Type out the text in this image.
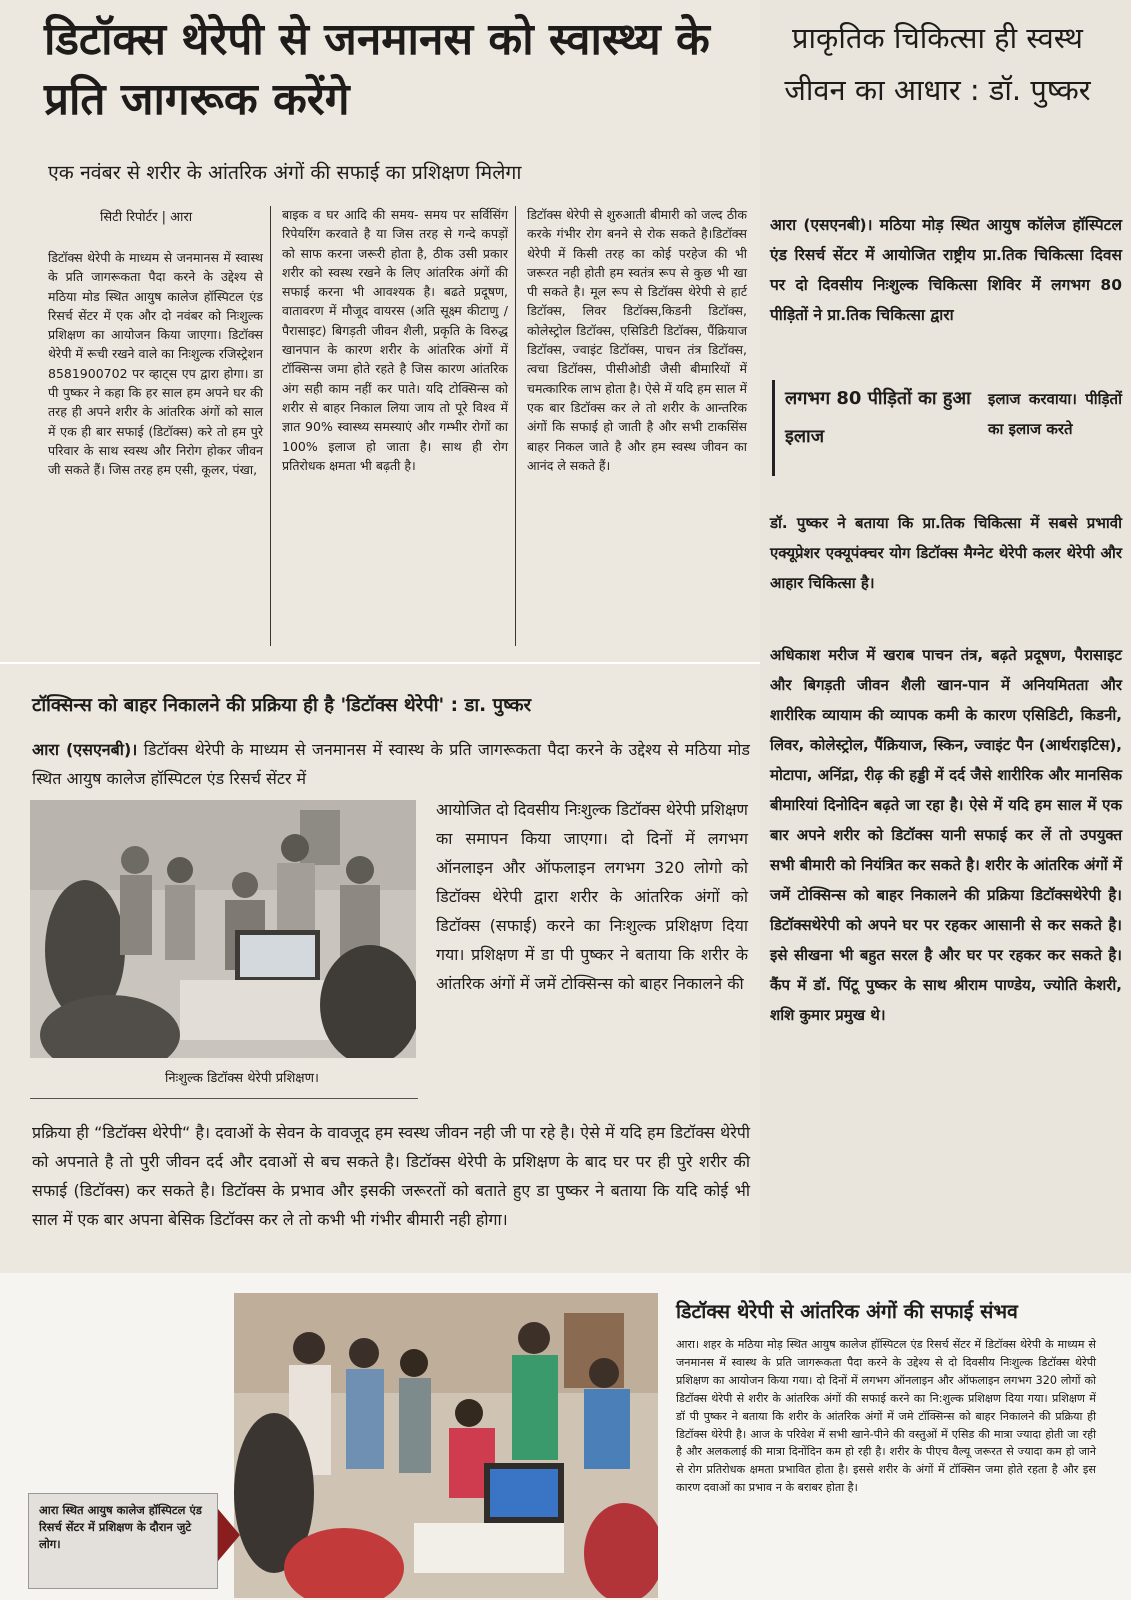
डिटॉक्स थेरेपी से जनमानस को स्वास्थ्य के प्रति जागरूक करेंगे
एक नवंबर से शरीर के आंतरिक अंगों की सफाई का प्रशिक्षण मिलेगा
सिटी रिपोर्टर | आरा
डिटॉक्स थेरेपी के माध्यम से जनमानस में स्वास्थ के प्रति जागरूकता पैदा करने के उद्देश्य से मठिया मोड स्थित आयुष कालेज हॉस्पिटल एंड रिसर्च सेंटर में एक और दो नवंबर को निःशुल्क प्रशिक्षण का आयोजन किया जाएगा। डिटॉक्स थेरेपी में रूची रखने वाले का निःशुल्क रजिस्ट्रेशन 8581900702 पर व्हाट्स एप द्वारा होगा। डा पी पुष्कर ने कहा कि हर साल हम अपने घर की तरह ही अपने शरीर के आंतरिक अंगों को साल में एक ही बार सफाई (डिटॉक्स) करे तो हम पुरे परिवार के साथ स्वस्थ और निरोग होकर जीवन जी सकते हैं। जिस तरह हम एसी, कूलर, पंखा,
बाइक व घर आदि की समय- समय पर सर्विसिंग रिपेयरिंग करवाते है या जिस तरह से गन्दे कपड़ों को साफ करना जरूरी होता है, ठीक उसी प्रकार शरीर को स्वस्थ रखने के लिए आंतरिक अंगों की सफाई करना भी आवश्यक है। बढते प्रदूषण, वातावरण में मौजूद वायरस (अति सूक्ष्म कीटाणु / पैरासाइट) बिगड़ती जीवन शैली, प्रकृति के विरुद्ध खानपान के कारण शरीर के आंतरिक अंगों में टॉक्सिन्स जमा होते रहते है जिस कारण आंतरिक अंग सही काम नहीं कर पाते। यदि टोक्सिन्स को शरीर से बाहर निकाल लिया जाय तो पूरे विश्व में ज्ञात 90% स्वास्थ्य समस्याएं और गम्भीर रोगों का 100% इलाज हो जाता है। साथ ही रोग प्रतिरोधक क्षमता भी बढ़ती है।
डिटॉक्स थेरेपी से शुरुआती बीमारी को जल्द ठीक करके गंभीर रोग बनने से रोक सकते है।डिटॉक्स थेरेपी में किसी तरह का कोई परहेज की भी जरूरत नही होती हम स्वतंत्र रूप से कुछ भी खा पी सकते है। मूल रूप से डिटॉक्स थेरेपी से हार्ट डिटॉक्स, लिवर डिटॉक्स,किडनी डिटॉक्स, कोलेस्ट्रोल डिटॉक्स, एसिडिटी डिटॉक्स, पैंक्रियाज डिटॉक्स, ज्वाइंट डिटॉक्स, पाचन तंत्र डिटॉक्स, त्वचा डिटॉक्स, पीसीओडी जैसी बीमारियों में चमत्कारिक लाभ होता है। ऐसे में यदि हम साल में एक बार डिटॉक्स कर ले तो शरीर के आन्तरिक अंगों कि सफाई हो जाती है और सभी टाकसिंस बाहर निकल जाते है और हम स्वस्थ जीवन का आनंद ले सकते हैं।
टॉक्सिन्स को बाहर निकालने की प्रक्रिया ही है 'डिटॉक्स थेरेपी' : डा. पुष्कर
आरा (एसएनबी)। डिटॉक्स थेरेपी के माध्यम से जनमानस में स्वास्थ के प्रति जागरूकता पैदा करने के उद्देश्य से मठिया मोड स्थित आयुष कालेज हॉस्पिटल एंड रिसर्च सेंटर में
निःशुल्क डिटॉक्स थेरेपी प्रशिक्षण।
आयोजित दो दिवसीय निःशुल्क डिटॉक्स थेरेपी प्रशिक्षण का समापन किया जाएगा। दो दिनों में लगभग ऑनलाइन और ऑफलाइन लगभग 320 लोगो को डिटॉक्स थेरेपी द्वारा शरीर के आंतरिक अंगों को डिटॉक्स (सफाई) करने का निःशुल्क प्रशिक्षण दिया गया। प्रशिक्षण में डा पी पुष्कर ने बताया कि शरीर के आंतरिक अंगों में जमें टोक्सिन्स को बाहर निकालने की
प्रक्रिया ही “डिटॉक्स थेरेपी“ है। दवाओं के सेवन के वावजूद हम स्वस्थ जीवन नही जी पा रहे है। ऐसे में यदि हम डिटॉक्स थेरेपी को अपनाते है तो पुरी जीवन दर्द और दवाओं से बच सकते है। डिटॉक्स थेरेपी के प्रशिक्षण के बाद घर पर ही पुरे शरीर की सफाई (डिटॉक्स) कर सकते है। डिटॉक्स के प्रभाव और इसकी जरूरतों को बताते हुए डा पुष्कर ने बताया कि यदि कोई भी साल में एक बार अपना बेसिक डिटॉक्स कर ले तो कभी भी गंभीर बीमारी नही होगा।
प्राकृतिक चिकित्सा ही स्वस्थ जीवन का आधार : डॉ. पुष्कर
आरा (एसएनबी)। मठिया मोड़ स्थित आयुष कॉलेज हॉस्पिटल एंड रिसर्च सेंटर में आयोजित राष्ट्रीय प्रा.तिक चिकित्सा दिवस पर दो दिवसीय निःशुल्क चिकित्सा शिविर में लगभग 80 पीड़ितों ने प्रा.तिक चिकित्सा द्वारा
लगभग 80 पीड़ितों का हुआ इलाज
इलाज करवाया। पीड़ितों का इलाज करते
डॉ. पुष्कर ने बताया कि प्रा.तिक चिकित्सा में सबसे प्रभावी एक्यूप्रेशर एक्यूपंक्चर योग डिटॉक्स मैग्नेट थेरेपी कलर थेरेपी और आहार चिकित्सा है।
अधिकाश मरीज में खराब पाचन तंत्र, बढ़ते प्रदूषण, पैरासाइट और बिगड़ती जीवन शैली खान-पान में अनियमितता और शारीरिक व्यायाम की व्यापक कमी के कारण एसिडिटी, किडनी, लिवर, कोलेस्ट्रोल, पैंक्रियाज, स्किन, ज्वाइंट पैन (आर्थराइटिस), मोटापा, अनिंद्रा, रीढ़ की हड्डी में दर्द जैसे शारीरिक और मानसिक बीमारियां दिनोदिन बढ़ते जा रहा है। ऐसे में यदि हम साल में एक बार अपने शरीर को डिटॉक्स यानी सफाई कर लें तो उपयुक्त सभी बीमारी को नियंत्रित कर सकते है। शरीर के आंतरिक अंगों में जमें टोक्सिन्स को बाहर निकालने की प्रक्रिया डिटॉक्सथेरेपी है। डिटॉक्सथेरेपी को अपने घर पर रहकर आसानी से कर सकते है। इसे सीखना भी बहुत सरल है और घर पर रहकर कर सकते है। कैंप में डॉ. पिंटू पुष्कर के साथ श्रीराम पाण्डेय, ज्योति केशरी, शशि कुमार प्रमुख थे।
आरा स्थित आयुष कालेज हॉस्पिटल एंड रिसर्च सेंटर में प्रशिक्षण के दौरान जुटे लोग।
डिटॉक्स थेरेपी से आंतरिक अंगों की सफाई संभव
आरा। शहर के मठिया मोड़ स्थित आयुष कालेज हॉस्पिटल एंड रिसर्च सेंटर में डिटॉक्स थेरेपी के माध्यम से जनमानस में स्वास्थ के प्रति जागरूकता पैदा करने के उद्देश्य से दो दिवसीय निःशुल्क डिटॉक्स थेरेपी प्रशिक्षण का आयोजन किया गया। दो दिनों में लगभग ऑनलाइन और ऑफलाइन लगभग 320 लोगों को डिटॉक्स थेरेपी से शरीर के आंतरिक अंगों की सफाई करने का नि:शुल्क प्रशिक्षण दिया गया। प्रशिक्षण में डॉ पी पुष्कर ने बताया कि शरीर के आंतरिक अंगों में जमे टॉक्सिन्स को बाहर निकालने की प्रक्रिया ही डिटॉक्स थेरेपी है। आज के परिवेश में सभी खाने-पीने की वस्तुओं में एसिड की मात्रा ज्यादा होती जा रही है और अलकलाई की मात्रा दिनोंदिन कम हो रही है। शरीर के पीएच वैल्यू जरूरत से ज्यादा कम हो जाने से रोग प्रतिरोधक क्षमता प्रभावित होता है। इससे शरीर के अंगों में टॉक्सिन जमा होते रहता है और इस कारण दवाओं का प्रभाव न के बराबर होता है।
